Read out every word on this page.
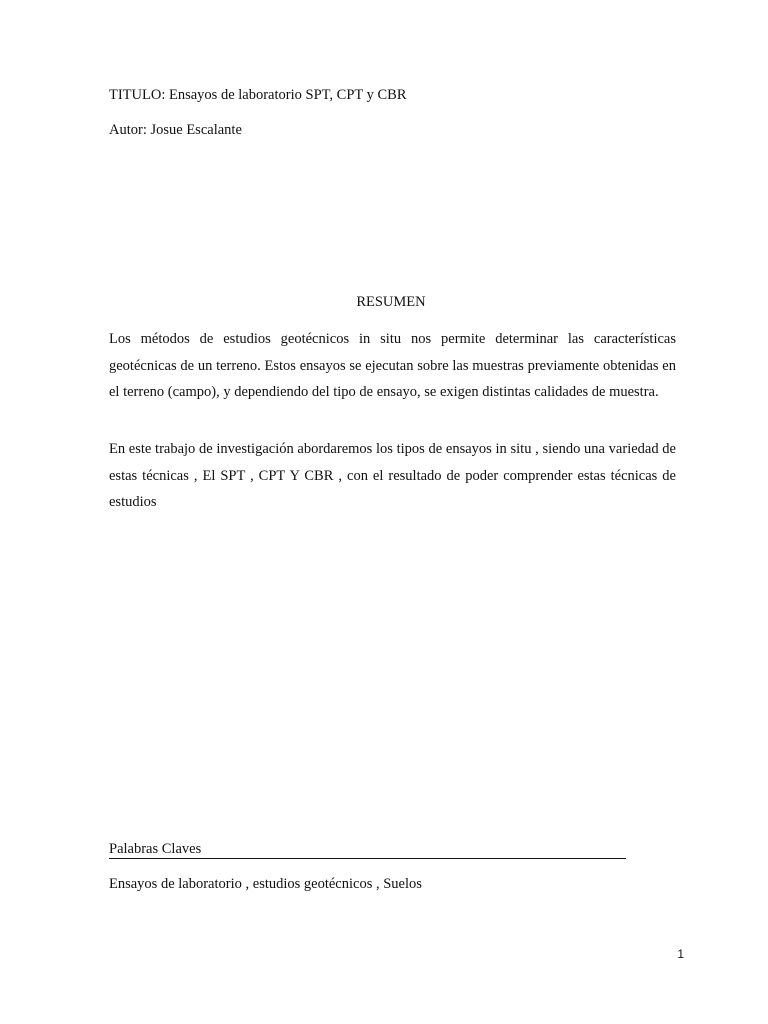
TITULO: Ensayos de laboratorio SPT, CPT y CBR
Autor: Josue Escalante
RESUMEN

Los métodos de estudios geotécnicos in situ nos permite determinar las características geotécnicas de un terreno. Estos ensayos se ejecutan sobre las muestras previamente obtenidas en el terreno (campo), y dependiendo del tipo de ensayo, se exigen distintas calidades de muestra.

En este trabajo de investigación abordaremos los tipos de ensayos in situ , siendo una variedad de estas técnicas , El SPT , CPT Y CBR , con el resultado de poder comprender estas técnicas de estudios

Palabras Claves
Ensayos de laboratorio , estudios geotécnicos , Suelos
1
